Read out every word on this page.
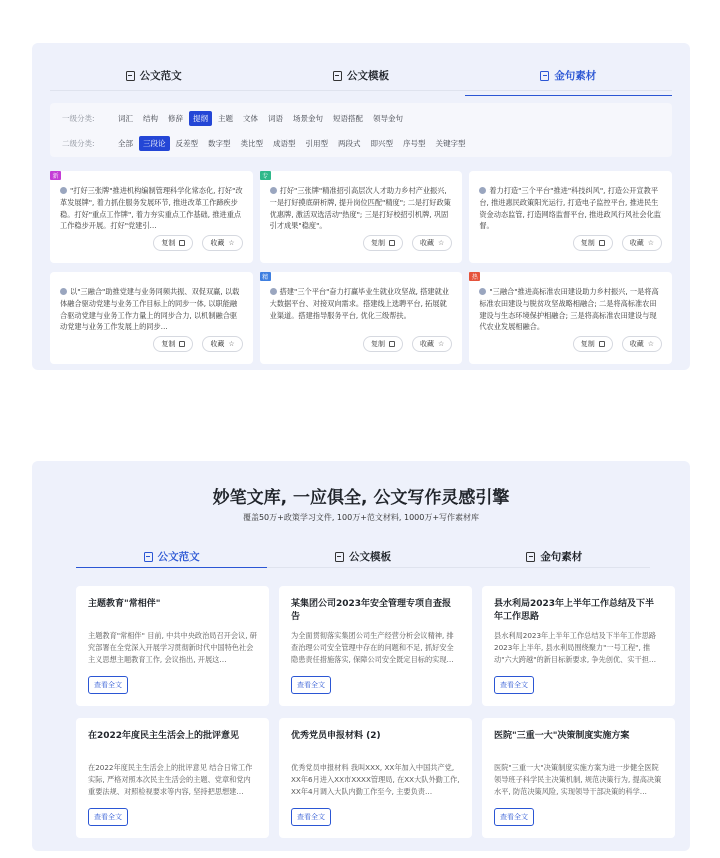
公文范文	公文模板	金句素材
一级分类:	词汇	结构	修辞	提纲	主题	文体	词语	场景金句	短语搭配	领导金句
二级分类:	全部	三段论	反差型	数字型	类比型	成语型	引用型	两段式	即兴型	序号型	关键字型
新
"打好三张牌"推进机构编制管理科学化常态化, 打好"改革发展牌", 着力抓住服务发展环节, 推进改革工作蹄疾步稳。打好"重点工作牌", 着力夯实重点工作基础, 推进重点工作稳步开展。打好"党建引…
复制	收藏 ☆
专
打好"三张牌"精准招引高层次人才助力乡村产业振兴, 一是打好摸底研析牌, 提升岗位匹配"精度"; 二是打好政策优惠牌, 激活双选活动"热度"; 三是打好校招引机牌, 巩固引才成果"稳度"。
复制	收藏 ☆
着力打造"三个平台"推进"科技纠风", 打造公开宣教平台, 推进惠民政策阳光运行, 打造电子监控平台, 推进民生资金动态监管, 打造网络监督平台, 推进政风行风社会化监督。
复制	收藏 ☆
以"三融合"助推党建与业务同频共振、双促双赢, 以载体融合驱动党建与业务工作目标上的同步一体, 以职能融合驱动党建与业务工作力量上的同步合力, 以机制融合驱动党建与业务工作发展上的同步…
复制	收藏 ☆
精
搭建"三个平台"奋力打赢毕业生就业攻坚战, 搭建就业大数据平台、对接双向需求。搭建线上选聘平台, 拓展就业渠道。搭建指导服务平台, 优化三级帮扶。
复制	收藏 ☆
热
"三融合"推进高标准农田建设助力乡村振兴, 一是将高标准农田建设与脱贫攻坚战略相融合; 二是将高标准农田建设与生态环境保护相融合; 三是将高标准农田建设与现代农业发展相融合。
复制	收藏 ☆
妙笔文库, 一应俱全, 公文写作灵感引擎
覆盖50万+政策学习文件, 100万+范文材料, 1000万+写作素材库
公文范文	公文模板	金句素材
主题教育"常相伴"

主题教育"常相伴" 目前, 中共中央政治局召开会议, 研究部署在全党深入开展学习贯彻新时代中国特色社会主义思想主题教育工作, 会议指出, 开展这…

查看全文
某集团公司2023年安全管理专项自查报告

为全面贯彻落实集团公司生产经营分析会议精神, 排查治理公司安全管理中存在的问题和不足, 抓好安全隐患责任措施落实, 保障公司安全既定目标的实现…

查看全文
县水利局2023年上半年工作总结及下半年工作思路

县水利局2023年上半年工作总结及下半年工作思路 2023年上半年, 县水利局围绕聚力"一号工程", 推动"六大跨越"的新目标新要求, 争先创优、实干担…

查看全文
在2022年度民主生活会上的批评意见

在2022年度民主生活会上的批评意见 结合日常工作实际, 严格对照本次民主生活会的主题、党章和党内重要法规、对照检视要求等内容, 坚持把思想建…

查看全文
优秀党员申报材料 (2)

优秀党员申报材料 我叫XXX, XX年加入中国共产党, XX年6月进入XX市XXXX管理局, 在XX大队外勤工作, XX年4月调入大队内勤工作至今, 主要负责…

查看全文
医院"三重一大"决策制度实施方案

医院"三重一大"决策制度实施方案为进一步健全医院领导班子科学民主决策机制, 规范决策行为, 提高决策水平, 防范决策风险, 实现领导干部决策的科学…

查看全文
